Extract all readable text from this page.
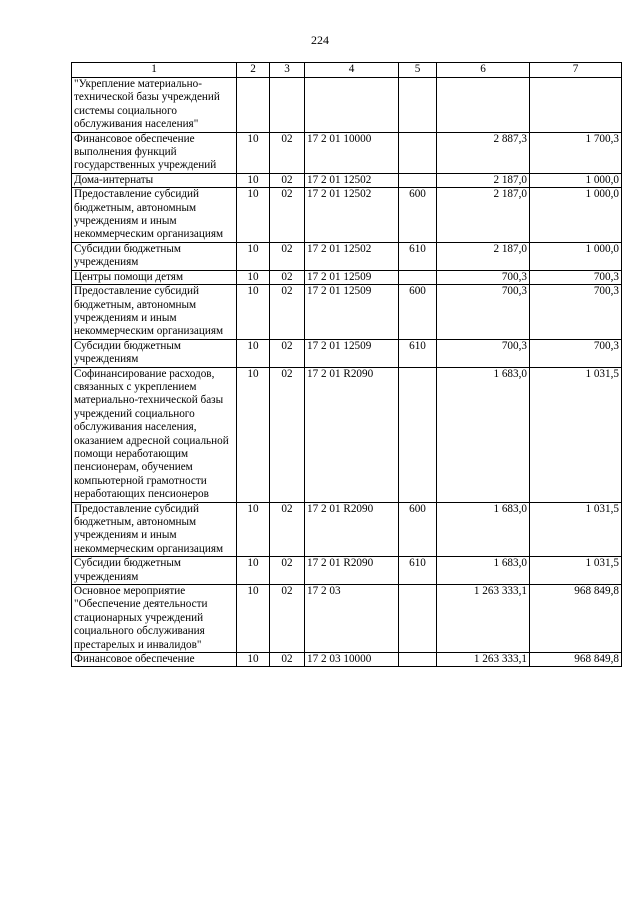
224
1	2	3	4	5	6	7
"Укрепление материально-технической базы учреждений системы социального обслуживания населения"						
Финансовое обеспечение выполнения функций государственных учреждений	10	02	17 2 01 10000		2 887,3	1 700,3
Дома-интернаты	10	02	17 2 01 12502		2 187,0	1 000,0
Предоставление субсидий бюджетным, автономным учреждениям и иным некоммерческим организациям	10	02	17 2 01 12502	600	2 187,0	1 000,0
Субсидии бюджетным учреждениям	10	02	17 2 01 12502	610	2 187,0	1 000,0
Центры помощи детям	10	02	17 2 01 12509		700,3	700,3
Предоставление субсидий бюджетным, автономным учреждениям и иным некоммерческим организациям	10	02	17 2 01 12509	600	700,3	700,3
Субсидии бюджетным учреждениям	10	02	17 2 01 12509	610	700,3	700,3
Софинансирование расходов, связанных с укреплением материально-технической базы учреждений социального обслуживания населения, оказанием адресной социальной помощи неработающим пенсионерам, обучением компьютерной грамотности неработающих пенсионеров	10	02	17 2 01 R2090		1 683,0	1 031,5
Предоставление субсидий бюджетным, автономным учреждениям и иным некоммерческим организациям	10	02	17 2 01 R2090	600	1 683,0	1 031,5
Субсидии бюджетным учреждениям	10	02	17 2 01 R2090	610	1 683,0	1 031,5
Основное мероприятие "Обеспечение деятельности стационарных учреждений социального обслуживания престарелых и инвалидов"	10	02	17 2 03		1 263 333,1	968 849,8
Финансовое обеспечение	10	02	17 2 03 10000		1 263 333,1	968 849,8
